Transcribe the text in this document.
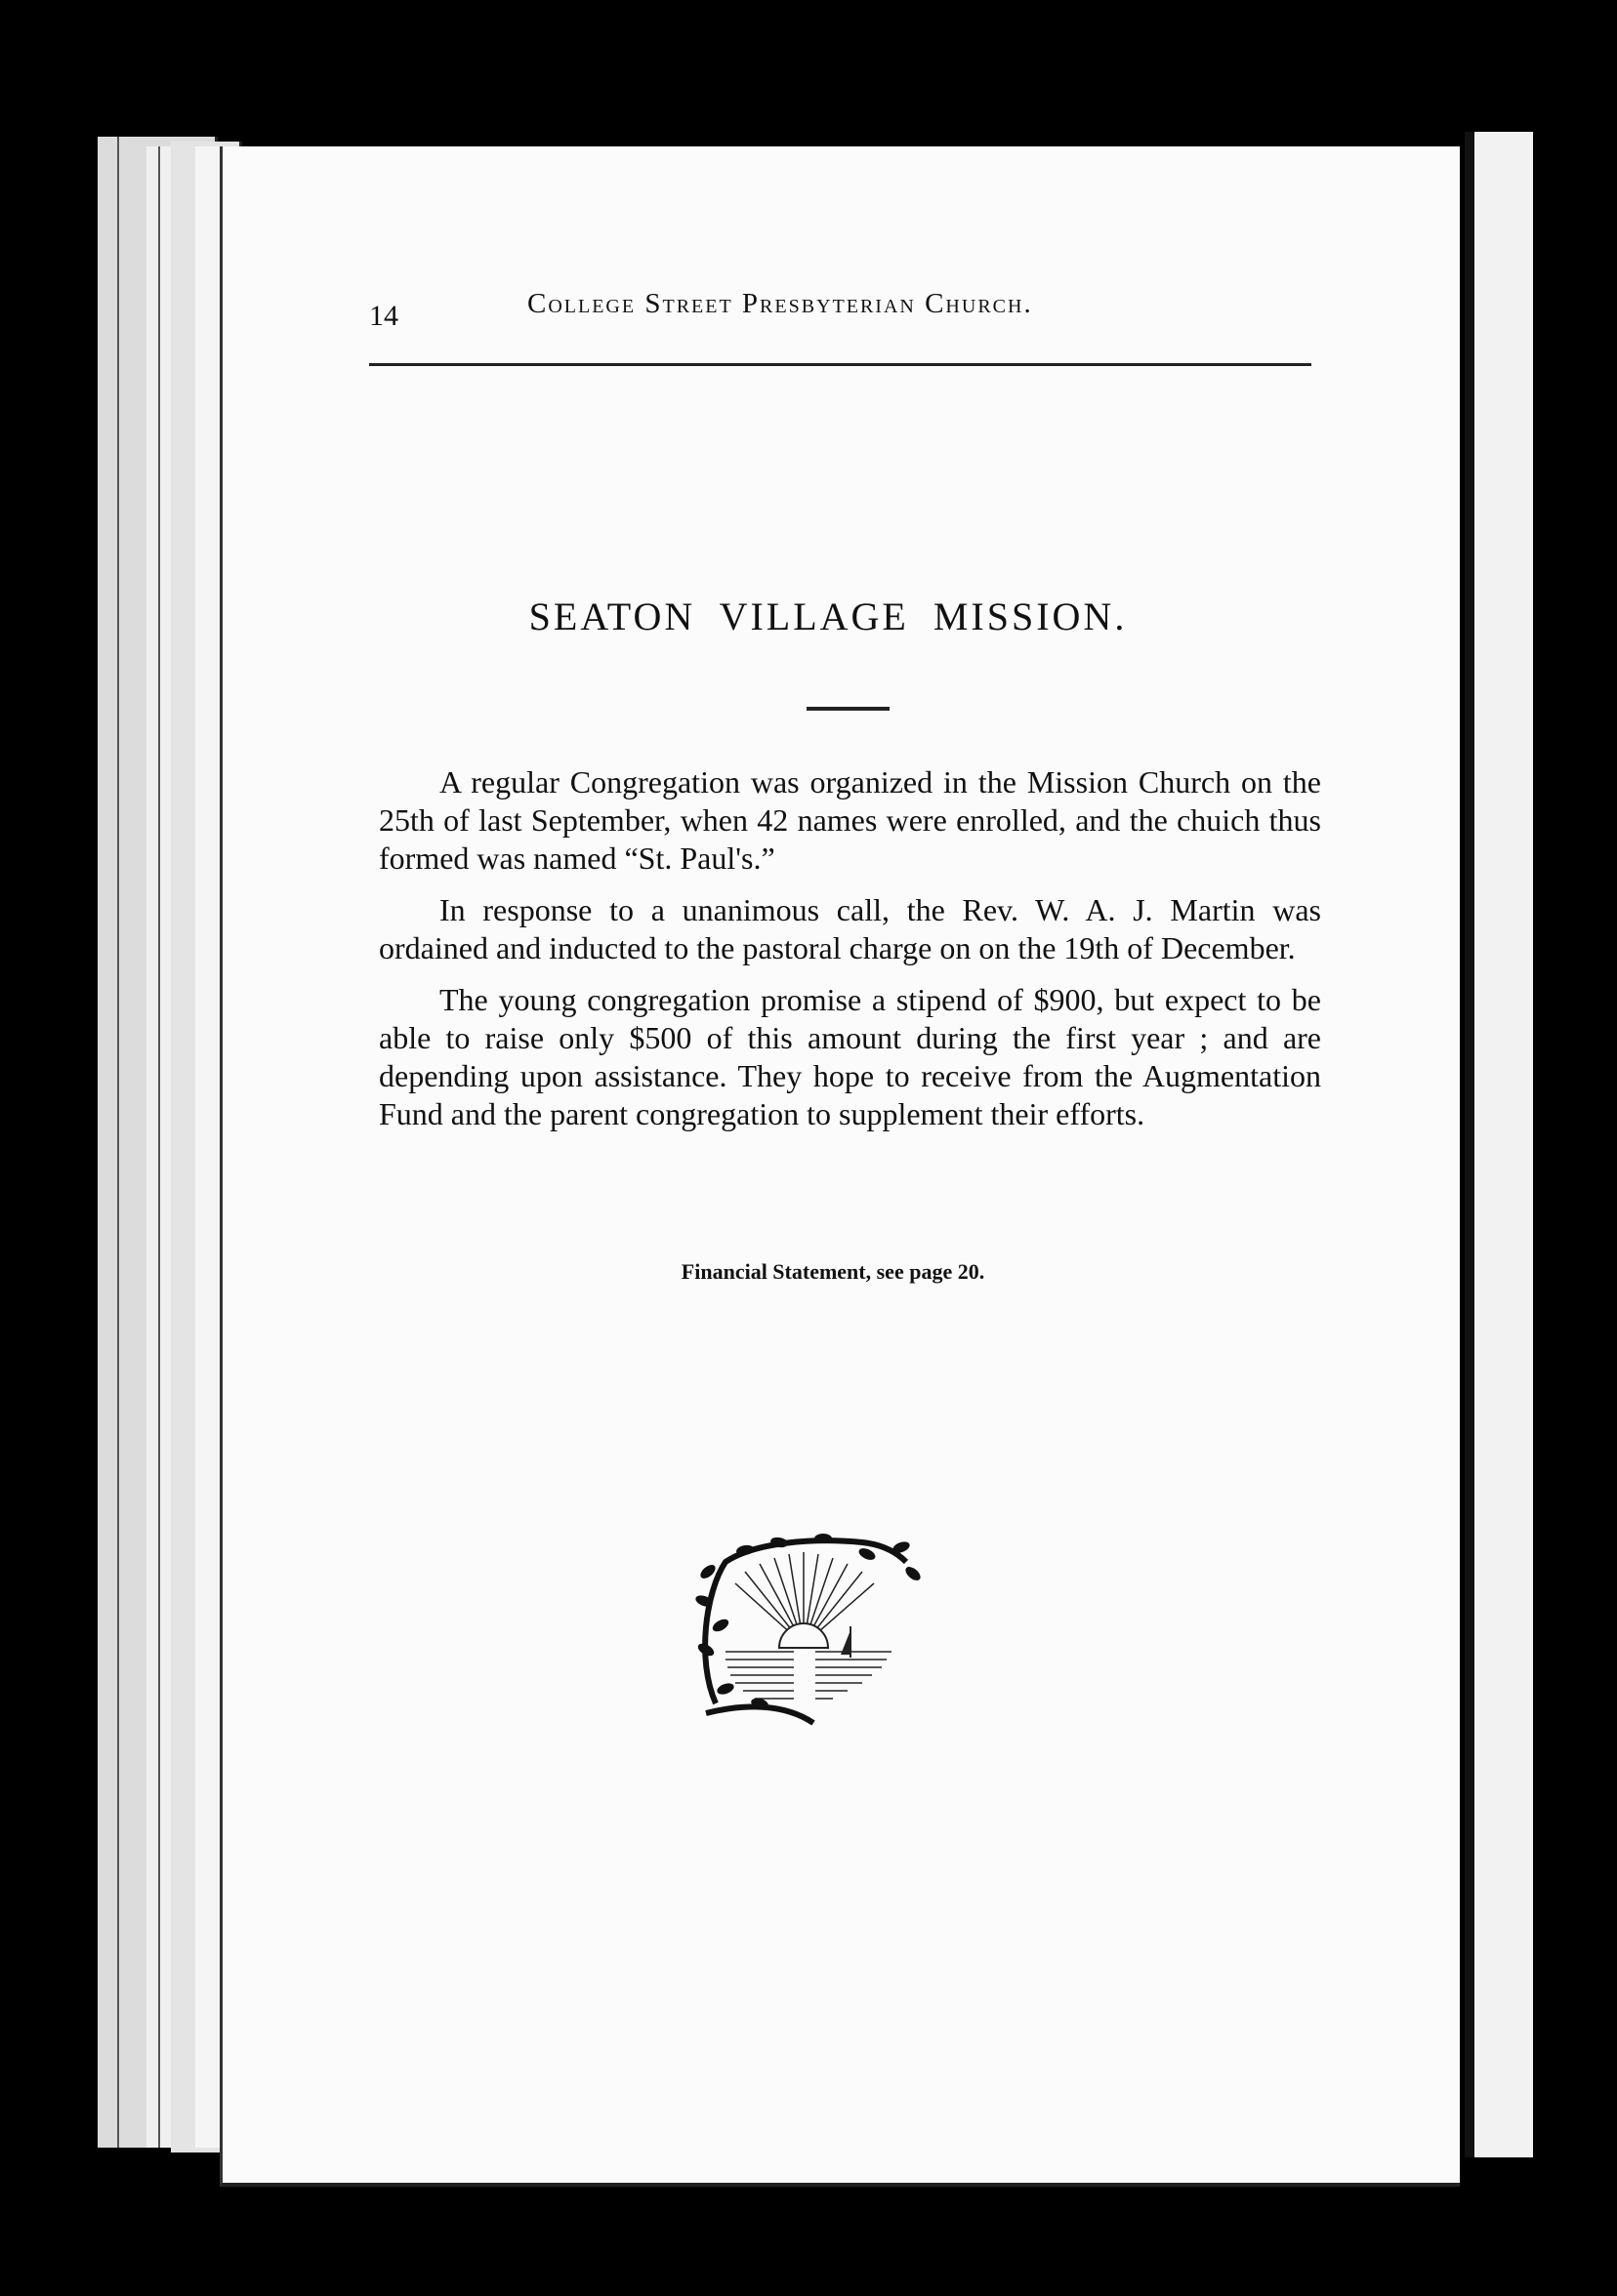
14	College Street Presbyterian Church.
SEATON VILLAGE MISSION.

A regular Congregation was organized in the Mission Church on the 25th of last September, when 42 names were enrolled, and the chuich thus formed was named “St. Paul's.”

In response to a unanimous call, the Rev. W. A. J. Martin was ordained and inducted to the pastoral charge on on the 19th of December.

The young congregation promise a stipend of $900, but expect to be able to raise only $500 of this amount during the first year ; and are depending upon assistance. They hope to receive from the Augmentation Fund and the parent congregation to supplement their efforts.

Financial Statement, see page 20.
